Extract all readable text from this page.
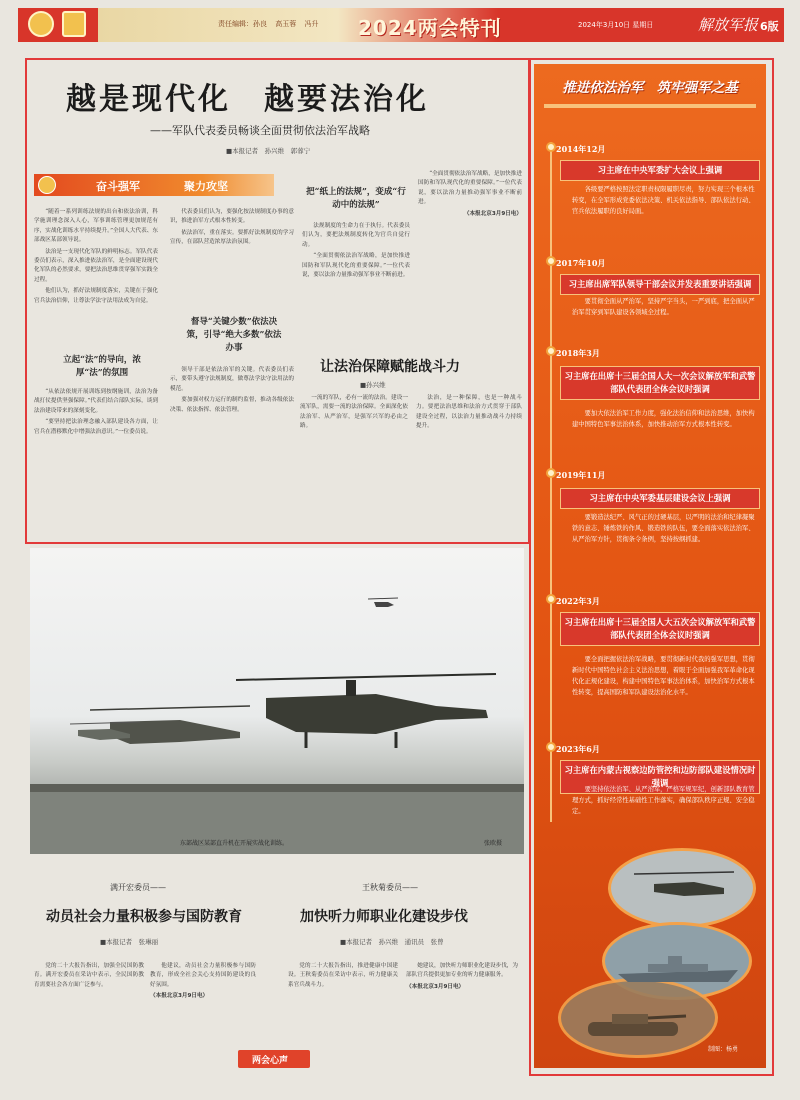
责任编辑：孙良 高玉蓉 冯升 2024两会特刊	2024年3月10日 星期日	解放军报 6版
越是现代化　越要法治化
——军队代表委员畅谈全面贯彻依法治军战略
■本报记者　孙兴维　郭蓉宁
奋斗强军	聚力攻坚

“随着一系列训练法规的出台和依法治训，科学施训理念深入人心，军事训练管理更加规范有序，实战化训练水平持续提升。”全国人大代表、东部战区某部领导说。

法治是一支现代化军队的鲜明标志。军队代表委员们表示，深入推进依法治军，是全面建设现代化军队的必然要求，要把法治思维贯穿强军实践全过程。

他们认为，抓好法规制度落实，关键在于强化官兵法治信仰，让尊法学法守法用法成为自觉。

立起“法”的导向，浓厚“法”的氛围

“从依法依规开展训练到按纲施训，法治为备战打仗提供坚强保障。”代表们结合部队实际，谈到法治建设带来的深刻变化。

“要坚持把法治理念融入部队建设各方面，让官兵在潜移默化中增强法治意识。”一位委员说。

代表委员们认为，要强化按法规制度办事的意识，推进治军方式根本性转变。

依法治军，重在落实。要抓好法规制度的学习宣传，在部队营造浓厚法治氛围。

督导“关键少数”依法决策，引导“绝大多数”依法办事

领导干部是依法治军的关键。代表委员们表示，要带头遵守法规制度，做尊法学法守法用法的模范。

要加强对权力运行的制约监督，推动各级依法决策、依法指挥、依法管理。

把“纸上的法规”，变成“行动中的法规”

法规制度的生命力在于执行。代表委员们认为，要把法规制度转化为官兵自觉行动。

“全面贯彻依法治军战略，是加快推进国防和军队现代化的重要保障。”一位代表说，要以法治力量推动强军事业不断前进。

“全面贯彻依法治军战略，是加快推进国防和军队现代化的重要保障。”一位代表说，要以法治力量推动强军事业不断前进。

（本报北京3月9日电）

让法治保障赋能战斗力
■孙兴维

一流的军队，必有一流的法治。建设一流军队，需要一流的法治保障。全面深化依法治军、从严治军，是强军兴军的必由之路。

法治，是一种保障，也是一种战斗力。要把法治思维和法治方式贯穿于部队建设全过程，以法治力量推动战斗力持续提升。

东部战区某部直升机在开展实战化训练。	张欧摄
满开宏委员——
动员社会力量积极参与国防教育
■本报记者　张琳丽

党的二十大报告指出，加强全民国防教育。满开宏委员在采访中表示，全民国防教育需要社会各方面广泛参与。

他建议，动员社会力量积极参与国防教育，形成全社会关心支持国防建设的良好氛围。

（本报北京3月9日电）

两会心声
王秋菊委员——
加快听力师职业化建设步伐
■本报记者　孙兴维　通讯员　张曾

党的二十大报告指出，推进健康中国建设。王秋菊委员在采访中表示，听力健康关系官兵战斗力。

她建议，加快听力师职业化建设步伐，为部队官兵提供更加专业的听力健康服务。

（本报北京3月9日电）

推进依法治军　筑牢强军之基
2014年12月
习主席在中央军委扩大会议上强调
各级要严格按照法定职责权限履职尽责，努力实现三个根本性转变，在全军形成党委依法决策、机关依法指导、部队依法行动、官兵依法履职的良好局面。
2017年10月
习主席出席军队领导干部会议并发表重要讲话强调
要贯彻全面从严治军，坚持严字当头，一严到底，把全面从严治军贯穿到军队建设各领域全过程。
2018年3月
习主席在出席十三届全国人大一次会议解放军和武警部队代表团全体会议时强调
要加大依法治军工作力度，强化法治信仰和法治思维，加快构建中国特色军事法治体系，加快推动治军方式根本性转变。
2019年11月
习主席在中央军委基层建设会议上强调
要锻造法纪严、风气正的过硬基层，以严明的法治和纪律凝聚铁的意志、锤炼铁的作风、锻造铁的队伍，要全面落实依法治军、从严治军方针，贯彻条令条例，坚持按纲抓建。
2022年3月
习主席在出席十三届全国人大五次会议解放军和武警部队代表团全体会议时强调
要全面把握依法治军战略，要贯彻新时代我的强军思想，贯彻新时代中国特色社会主义法治思想，着眼于全面加强我军革命化现代化正规化建设，构建中国特色军事法治体系，加快治军方式根本性转变，提高国防和军队建设法治化水平。
2023年6月
习主席在内蒙古视察边防管控和边防部队建设情况时强调
要坚持依法治军、从严治军，严格军规军纪，创新部队教育管理方式，抓好经常性基础性工作落实，确保部队秩序正规、安全稳定。
制图：杨勇
